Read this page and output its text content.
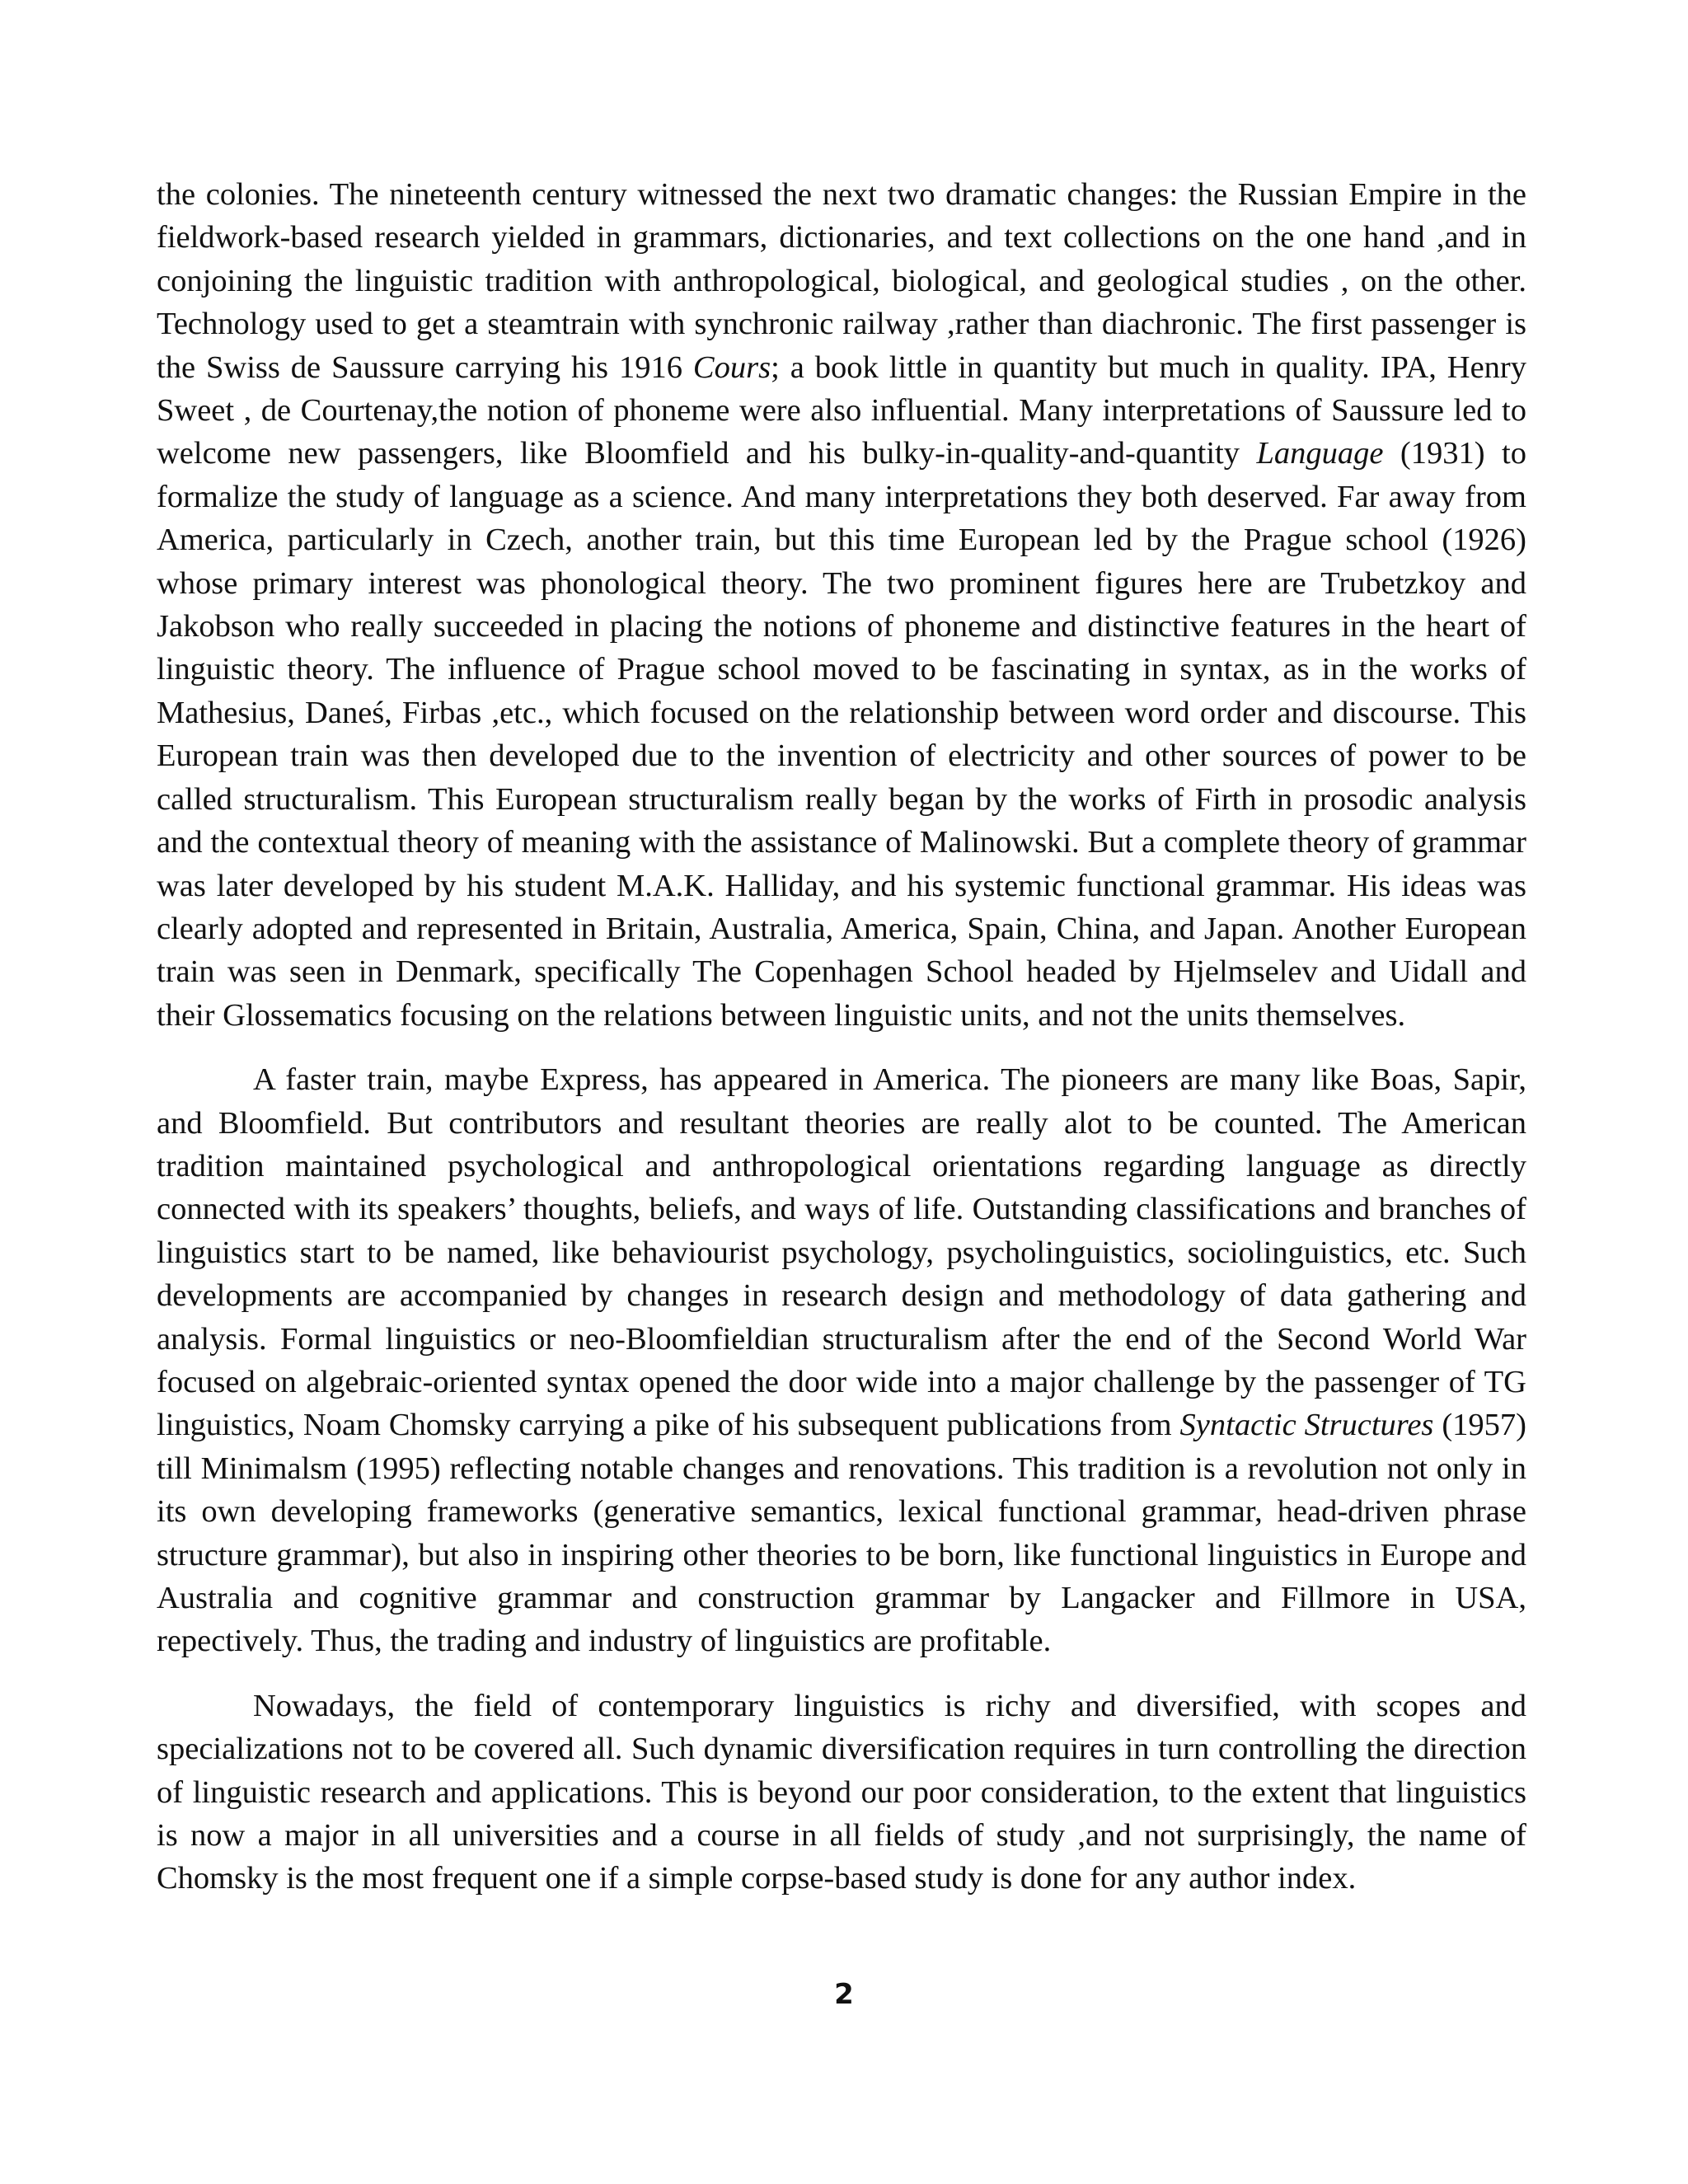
the colonies. The nineteenth century witnessed the next two dramatic changes: the Russian Empire in the fieldwork-based research yielded in grammars, dictionaries, and text collections on the one hand ,and in conjoining the linguistic tradition with anthropological, biological, and geological studies , on the other. Technology used to get a steamtrain with synchronic railway ,rather than diachronic. The first passenger is the Swiss de Saussure carrying his 1916 Cours; a book little in quantity but much in quality. IPA, Henry Sweet , de Courtenay,the notion of phoneme were also influential. Many interpretations of Saussure led to welcome new passengers, like Bloomfield and his bulky-in-quality-and-quantity Language (1931) to formalize the study of language as a science. And many interpretations they both deserved. Far away from America, particularly in Czech, another train, but this time European led by the Prague school (1926) whose primary interest was phonological theory. The two prominent figures here are Trubetzkoy and Jakobson who really succeeded in placing the notions of phoneme and distinctive features in the heart of linguistic theory. The influence of Prague school moved to be fascinating in syntax, as in the works of Mathesius, Daneś, Firbas ,etc., which focused on the relationship between word order and discourse. This European train was then developed due to the invention of electricity and other sources of power to be called structuralism. This European structuralism really began by the works of Firth in prosodic analysis and the contextual theory of meaning with the assistance of Malinowski. But a complete theory of grammar was later developed by his student M.A.K. Halliday, and his systemic functional grammar. His ideas was clearly adopted and represented in Britain, Australia, America, Spain, China, and Japan. Another European train was seen in Denmark, specifically The Copenhagen School headed by Hjelmselev and Uidall and their Glossematics focusing on the relations between linguistic units, and not the units themselves.

A faster train, maybe Express, has appeared in America. The pioneers are many like Boas, Sapir, and Bloomfield. But contributors and resultant theories are really alot to be counted. The American tradition maintained psychological and anthropological orientations regarding language as directly connected with its speakers’ thoughts, beliefs, and ways of life. Outstanding classifications and branches of linguistics start to be named, like behaviourist psychology, psycholinguistics, sociolinguistics, etc. Such developments are accompanied by changes in research design and methodology of data gathering and analysis. Formal linguistics or neo-Bloomfieldian structuralism after the end of the Second World War focused on algebraic-oriented syntax opened the door wide into a major challenge by the passenger of TG linguistics, Noam Chomsky carrying a pike of his subsequent publications from Syntactic Structures (1957) till Minimalsm (1995) reflecting notable changes and renovations. This tradition is a revolution not only in its own developing frameworks (generative semantics, lexical functional grammar, head-driven phrase structure grammar), but also in inspiring other theories to be born, like functional linguistics in Europe and Australia and cognitive grammar and construction grammar by Langacker and Fillmore in USA, repectively. Thus, the trading and industry of linguistics are profitable.

Nowadays, the field of contemporary linguistics is richy and diversified, with scopes and specializations not to be covered all. Such dynamic diversification requires in turn controlling the direction of linguistic research and applications. This is beyond our poor consideration, to the extent that linguistics is now a major in all universities and a course in all fields of study ,and not surprisingly, the name of Chomsky is the most frequent one if a simple corpse-based study is done for any author index.

2
